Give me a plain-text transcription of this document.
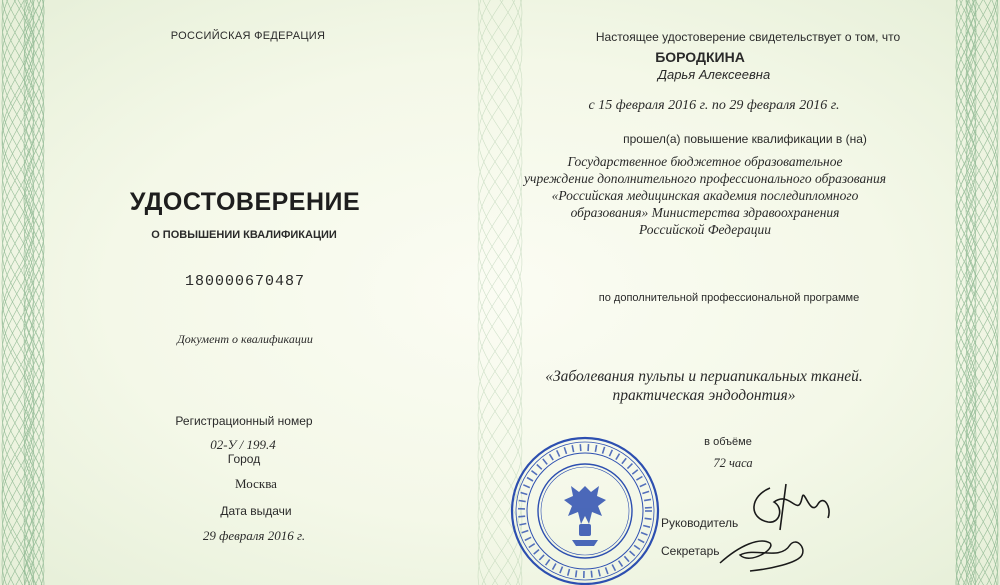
РОССИЙСКАЯ ФЕДЕРАЦИЯ
УДОСТОВЕРЕНИЕ
О ПОВЫШЕНИИ КВАЛИФИКАЦИИ
180000670487
Документ о квалификации
Регистрационный номер
02-У / 199.4
Город
Москва
Дата выдачи
29 февраля 2016 г.
Настоящее удостоверение свидетельствует о том, что
БОРОДКИНА
Дарья Алексеевна
с 15 февраля 2016 г. по 29 февраля 2016 г.
прошел(а) повышение квалификации в (на)
Государственное бюджетное образовательное
учреждение дополнительного профессионального образования
«Российская медицинская академия последипломного
образования» Министерства здравоохранения
Российской Федерации
по дополнительной профессиональной программе
«Заболевания пульпы и периапикальных тканей.
практическая эндодонтия»
в объёме
72 часа
Руководитель
Секретарь
